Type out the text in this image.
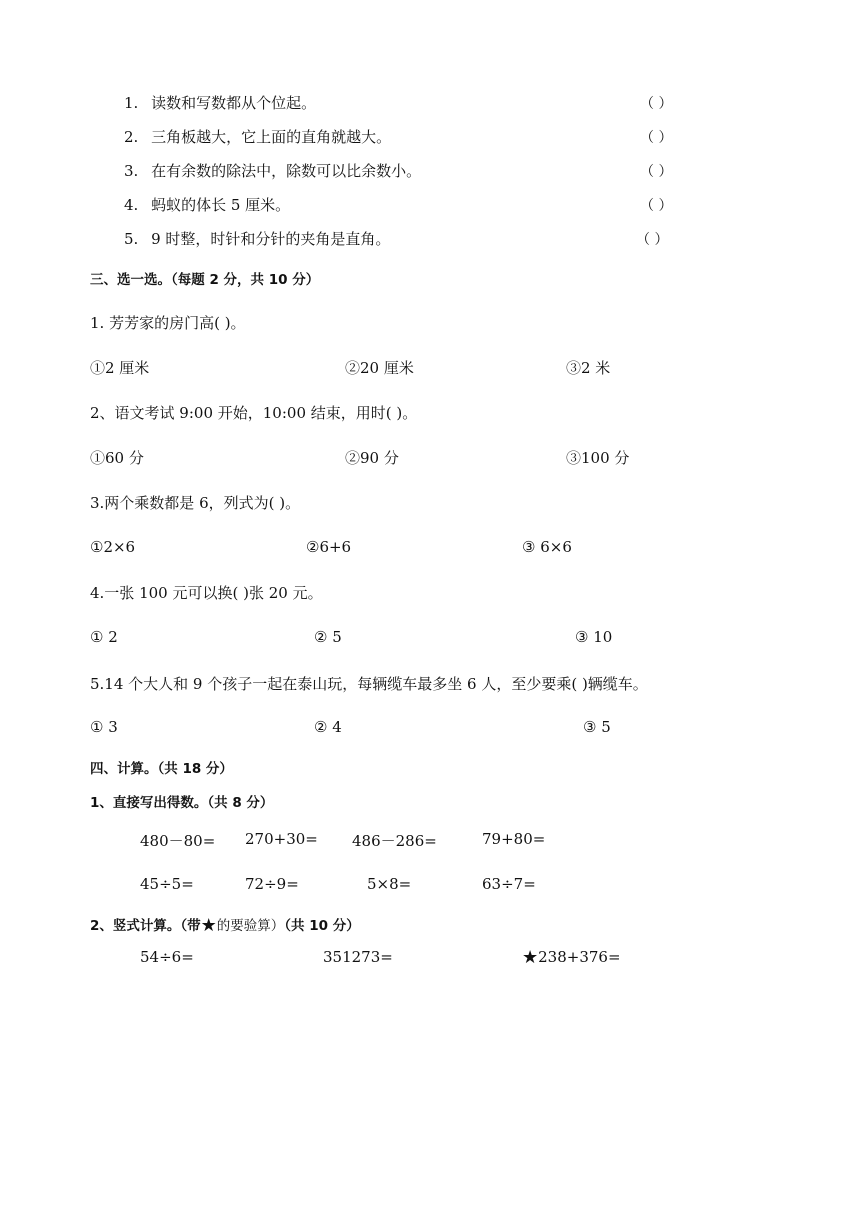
1. 读数和写数都从个位起。	（ ）
2. 三角板越大，它上面的直角就越大。	（ ）
3. 在有余数的除法中，除数可以比余数小。	（ ）
4. 蚂蚁的体长 5 厘米。	（ ）
5. 9 时整，时针和分针的夹角是直角。	（ ）
三、选一选。（每题 2 分，共 10 分）
1. 芳芳家的房门高( )。
①2 厘米	②20 厘米	③2 米
2、语文考试 9:00 开始，10:00 结束，用时( )。
①60 分	②90 分	③100 分
3.两个乘数都是 6，列式为( )。
①2×6	②6+6	③ 6×6
4.一张 100 元可以换( )张 20 元。
① 2	② 5	③ 10
5.14 个大人和 9 个孩子一起在泰山玩，每辆缆车最多坐 6 人，至少要乘( )辆缆车。
① 3	② 4	③ 5
四、计算。（共 18 分）
1、直接写出得数。（共 8 分）
480－80= 270+30= 486－286=	79+80=
45÷5=	72÷9=	5×8=	63÷7=
2、竖式计算。（带★的要验算）（共 10 分）
54÷6=	351273=	★238+376=
